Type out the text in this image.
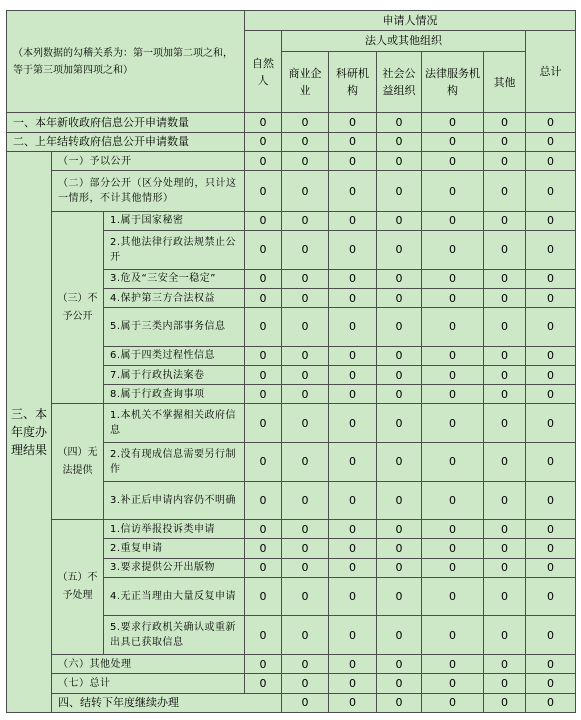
（本列数据的勾稽关系为：第一项加第二项之和，等于第三项加第四项之和）			申请人情况							
			自然人	法人或其他组织					总计	
				商业企业	科研机构	社会公益组织	法律服务机构	其他		
一、本年新收政府信息公开申请数量			0	0	0	0	0	0	0	
二、上年结转政府信息公开申请数量			0	0	0	0	0	0	0	
三、本年度办理结果	（一）予以公开		0	0	0	0	0	0	0	
	（二）部分公开（区分处理的，只计这一情形，不计其他情形）		0	0	0	0	0	0	0	
	（三）不予公开	1.属于国家秘密	0	0	0	0	0	0	0	
		2.其他法律行政法规禁止公开	0	0	0	0	0	0	0	
		3.危及“三安全一稳定”	0	0	0	0	0	0	0	
		4.保护第三方合法权益	0	0	0	0	0	0	0	
		5.属于三类内部事务信息	0	0	0	0	0	0	0	
		6.属于四类过程性信息	0	0	0	0	0	0	0	
		7.属于行政执法案卷	0	0	0	0	0	0	0	
		8.属于行政查询事项	0	0	0	0	0	0	0	
	（四）无法提供	1.本机关不掌握相关政府信息	0	0	0	0	0	0	0	
		2.没有现成信息需要另行制作	0	0	0	0	0	0	0	
		3.补正后申请内容仍不明确	0	0	0	0	0	0	0	
	（五）不予处理	1.信访举报投诉类申请	0	0	0	0	0	0	0	
		2.重复申请	0	0	0	0	0	0	0	
		3.要求提供公开出版物	0	0	0	0	0	0	0	
		4.无正当理由大量反复申请	0	0	0	0	0	0	0	
		5.要求行政机关确认或重新出具已获取信息	0	0	0	0	0	0	0	
	（六）其他处理		0	0	0	0	0	0	0	
	（七）总计		0	0	0	0	0	0	0	
	四、结转下年度继续办理			0	0	0	0	0	0	
